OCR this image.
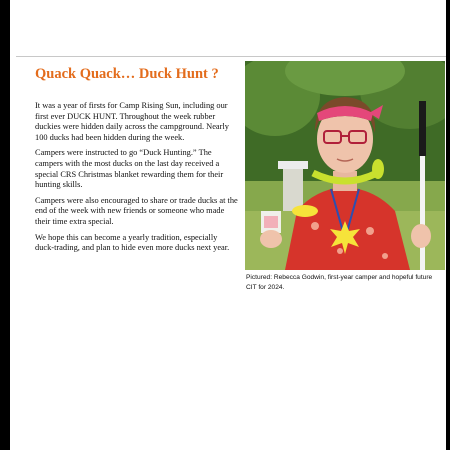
Quack Quack… Duck Hunt ?

It was a year of firsts for Camp Rising Sun, including our first ever DUCK HUNT. Throughout the week rubber duckies were hidden daily across the campground. Nearly 100 ducks had been hidden during the week.

Campers were instructed to go “Duck Hunting.” The campers with the most ducks on the last day received a special CRS Christmas blanket rewarding them for their hunting skills.

Campers were also encouraged to share or trade ducks at the end of the week with new friends or someone who made their time extra special.

We hope this can become a yearly tradition, especially duck-trading, and plan to hide even more ducks next year.

Pictured: Rebecca Godwin, first-year camper and hopeful future CIT for 2024.
